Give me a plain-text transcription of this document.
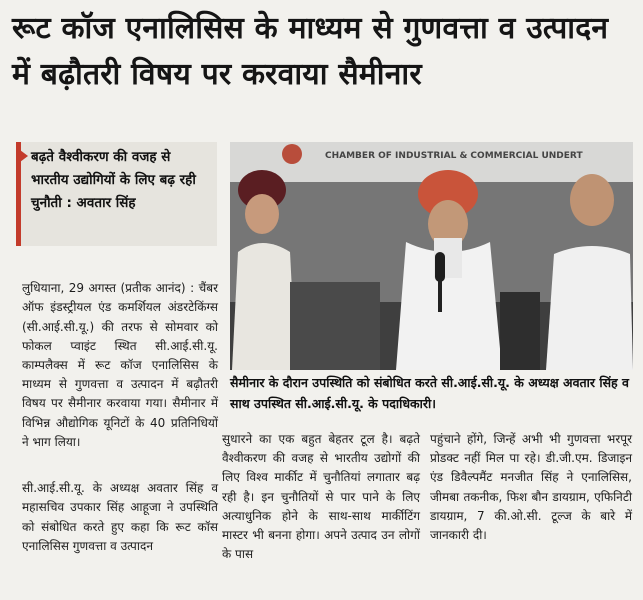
रूट कॉज एनालिसिस के माध्यम से गुणवत्ता व उत्पादन में बढ़ौतरी विषय पर करवाया सैमीनार
बढ़ते वैश्वीकरण की वजह से भारतीय उद्योगियों के लिए बढ़ रही चुनौती : अवतार सिंह
CHAMBER OF INDUSTRIAL & COMMERCIAL UNDERT
सैमीनार के दौरान उपस्थिति को संबोधित करते सी.आई.सी.यू. के अध्यक्ष अवतार सिंह व साथ उपस्थित सी.आई.सी.यू. के पदाधिकारी।

लुधियाना, 29 अगस्त (प्रतीक आनंद) : चैंबर ऑफ इंडस्ट्रीयल एंड कमर्शियल अंडरटेकिंग्स (सी.आई.सी.यू.) की तरफ से सोमवार को फोकल प्वाइंट स्थित सी.आई.सी.यू. काम्पलैक्स में रूट कॉज एनालिसिस के माध्यम से गुणवत्ता व उत्पादन में बढ़ौतरी विषय पर सैमीनार करवाया गया। सैमीनार में विभिन्न औद्योगिक यूनिटों के 40 प्रतिनिधियों ने भाग लिया।

सी.आई.सी.यू. के अध्यक्ष अवतार सिंह व महासचिव उपकार सिंह आहूजा ने उपस्थिति को संबोधित करते हुए कहा कि रूट कॉस एनालिसिस गुणवत्ता व उत्पादन

सुधारने का एक बहुत बेहतर टूल है। बढ़ते वैश्वीकरण की वजह से भारतीय उद्योगों की लिए विश्व मार्कीट में चुनौतियां लगातार बढ़ रही है। इन चुनौतियों से पार पाने के लिए अत्याधुनिक होने के साथ-साथ मार्कीटिंग मास्टर भी बनना होगा। अपने उत्पाद उन लोगों के पास
पहुंचाने होंगे, जिन्हें अभी भी गुणवत्ता भरपूर प्रोडक्ट नहीं मिल पा रहे। डी.जी.एम. डिजाइन एंड डिवैल्पमैंट मनजीत सिंह ने एनालिसिस, जीमबा तकनीक, फिश बौन डायग्राम, एफिनिटी डायग्राम, 7 की.ओ.सी. टूल्ज के बारे में जानकारी दी।
